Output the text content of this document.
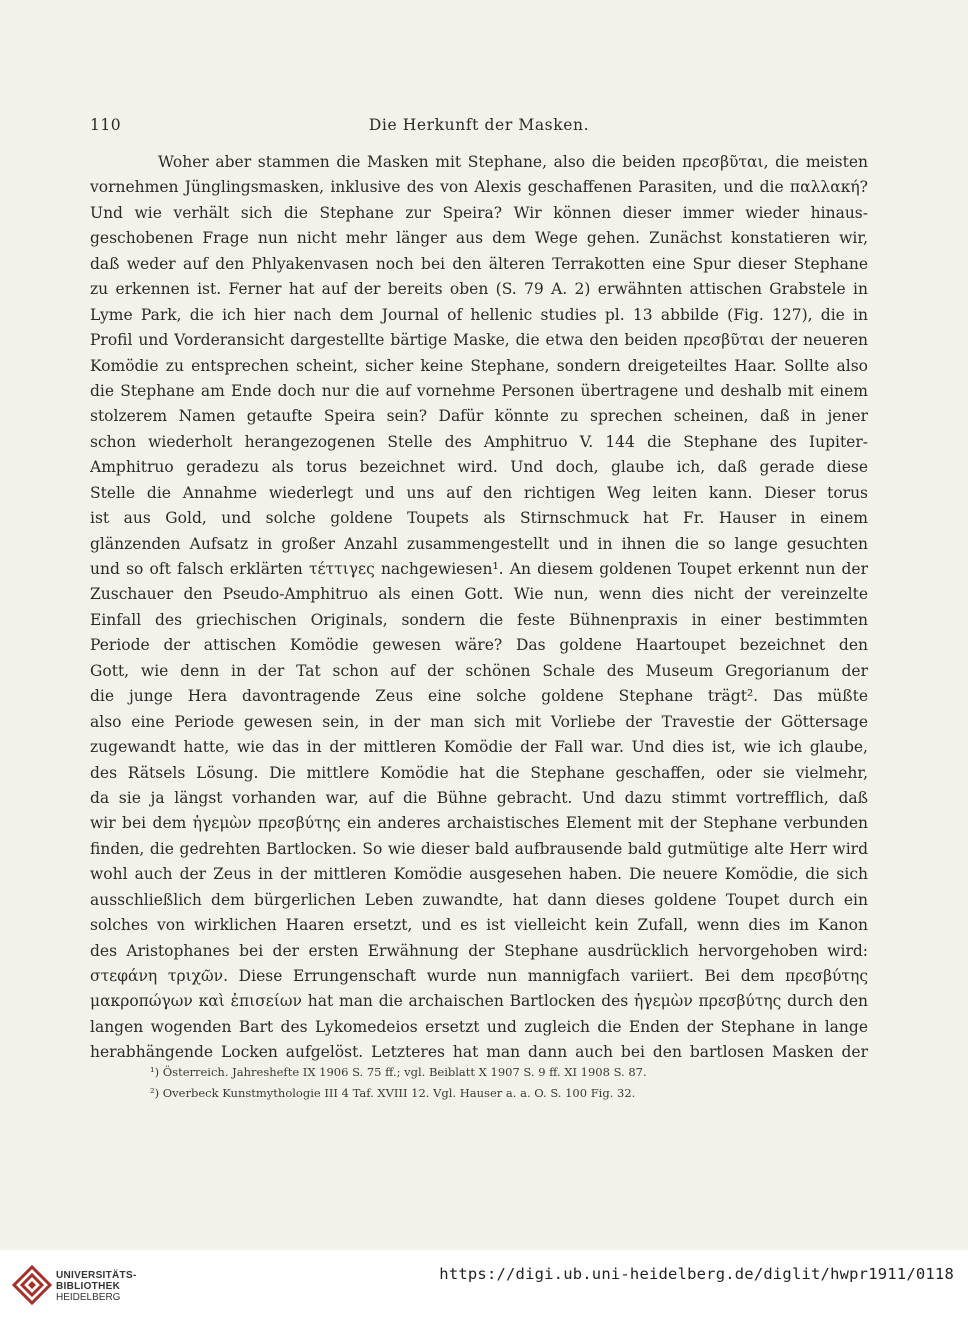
110	Die Herkunft der Masken.
Woher aber stammen die Masken mit Stephane, also die beiden πρεσβῦται, die meisten
vornehmen Jünglingsmasken, inklusive des von Alexis geschaffenen Parasiten, und die παλλακή?
Und wie verhält sich die Stephane zur Speira? Wir können dieser immer wieder hinaus-
geschobenen Frage nun nicht mehr länger aus dem Wege gehen. Zunächst konstatieren wir,
daß weder auf den Phlyakenvasen noch bei den älteren Terrakotten eine Spur dieser Stephane
zu erkennen ist. Ferner hat auf der bereits oben (S. 79 A. 2) erwähnten attischen Grabstele in
Lyme Park, die ich hier nach dem Journal of hellenic studies pl. 13 abbilde (Fig. 127), die in
Profil und Vorderansicht dargestellte bärtige Maske, die etwa den beiden πρεσβῦται der neueren
Komödie zu entsprechen scheint, sicher keine Stephane, sondern dreigeteiltes Haar. Sollte also
die Stephane am Ende doch nur die auf vornehme Personen übertragene und deshalb mit einem
stolzerem Namen getaufte Speira sein? Dafür könnte zu sprechen scheinen, daß in jener
schon wiederholt herangezogenen Stelle des Amphitruo V. 144 die Stephane des Iupiter-
Amphitruo geradezu als torus bezeichnet wird. Und doch, glaube ich, daß gerade diese
Stelle die Annahme wiederlegt und uns auf den richtigen Weg leiten kann. Dieser torus
ist aus Gold, und solche goldene Toupets als Stirnschmuck hat Fr. Hauser in einem
glänzenden Aufsatz in großer Anzahl zusammengestellt und in ihnen die so lange gesuchten
und so oft falsch erklärten τέττιγες nachgewiesen¹. An diesem goldenen Toupet erkennt nun der
Zuschauer den Pseudo-Amphitruo als einen Gott. Wie nun, wenn dies nicht der vereinzelte
Einfall des griechischen Originals, sondern die feste Bühnenpraxis in einer bestimmten
Periode der attischen Komödie gewesen wäre? Das goldene Haartoupet bezeichnet den
Gott, wie denn in der Tat schon auf der schönen Schale des Museum Gregorianum der
die junge Hera davontragende Zeus eine solche goldene Stephane trägt². Das müßte
also eine Periode gewesen sein, in der man sich mit Vorliebe der Travestie der Göttersage
zugewandt hatte, wie das in der mittleren Komödie der Fall war. Und dies ist, wie ich glaube,
des Rätsels Lösung. Die mittlere Komödie hat die Stephane geschaffen, oder sie vielmehr,
da sie ja längst vorhanden war, auf die Bühne gebracht. Und dazu stimmt vortrefflich, daß
wir bei dem ἡγεμὼν πρεσβύτης ein anderes archaistisches Element mit der Stephane verbunden
finden, die gedrehten Bartlocken. So wie dieser bald aufbrausende bald gutmütige alte Herr wird
wohl auch der Zeus in der mittleren Komödie ausgesehen haben. Die neuere Komödie, die sich
ausschließlich dem bürgerlichen Leben zuwandte, hat dann dieses goldene Toupet durch ein
solches von wirklichen Haaren ersetzt, und es ist vielleicht kein Zufall, wenn dies im Kanon
des Aristophanes bei der ersten Erwähnung der Stephane ausdrücklich hervorgehoben wird:
στεφάνη τριχῶν. Diese Errungenschaft wurde nun mannigfach variiert. Bei dem πρεσβύτης
μακροπώγων καὶ ἐπισείων hat man die archaischen Bartlocken des ἡγεμὼν πρεσβύτης durch den
langen wogenden Bart des Lykomedeios ersetzt und zugleich die Enden der Stephane in lange
herabhängende Locken aufgelöst. Letzteres hat man dann auch bei den bartlosen Masken der
¹) Österreich. Jahreshefte IX 1906 S. 75 ff.; vgl. Beiblatt X 1907 S. 9 ff. XI 1908 S. 87.
²) Overbeck Kunstmythologie III 4 Taf. XVIII 12. Vgl. Hauser a. a. O. S. 100 Fig. 32.
UNIVERSITÄTS-
BIBLIOTHEK
HEIDELBERG
https://digi.ub.uni-heidelberg.de/diglit/hwpr1911/0118
